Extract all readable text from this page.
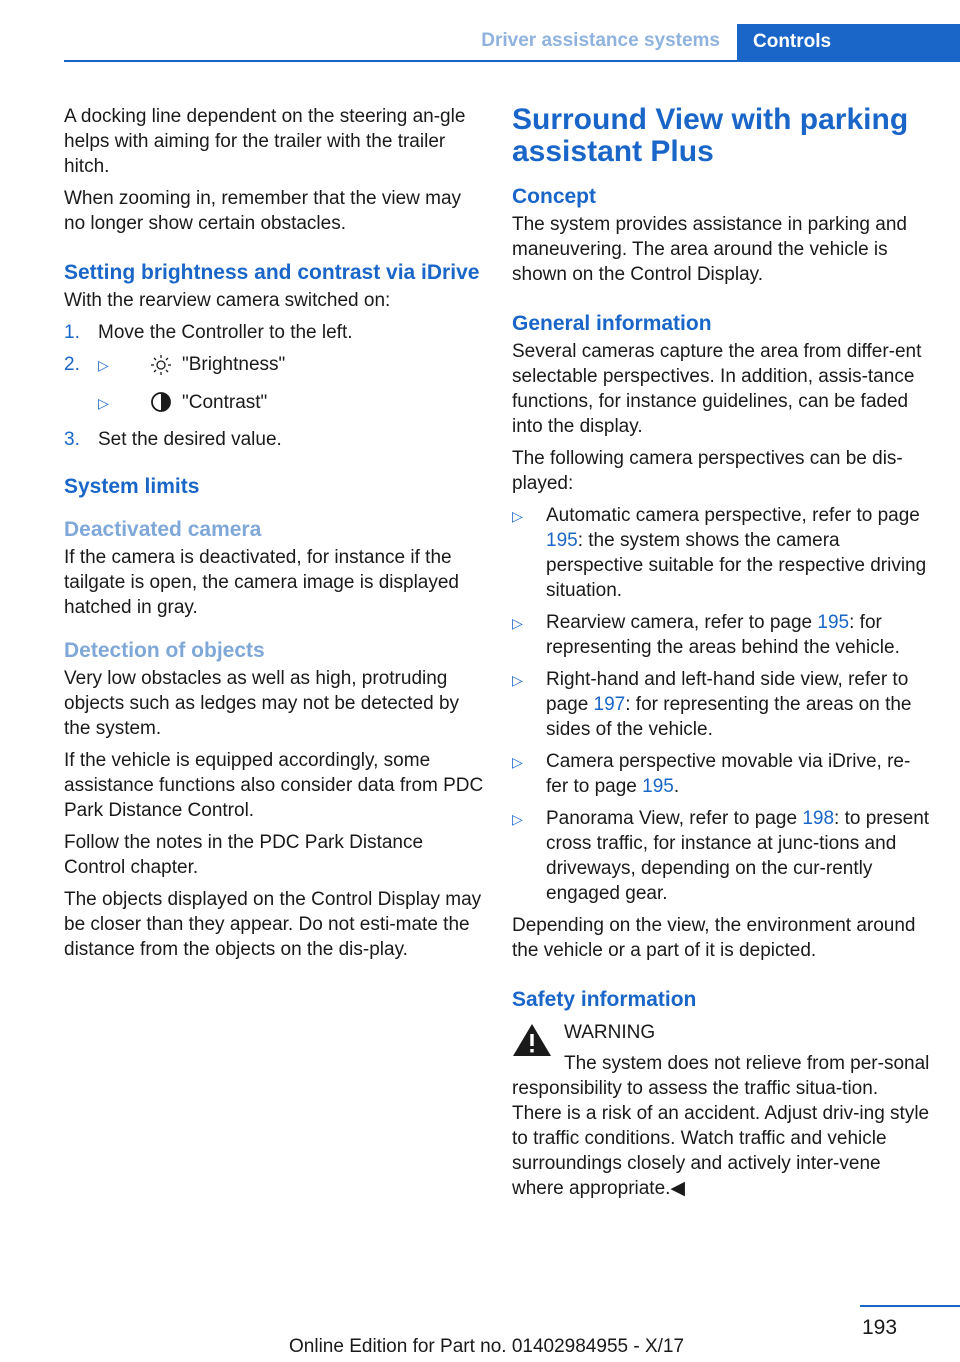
Driver assistance systems	Controls

A docking line dependent on the steering an-gle helps with aiming for the trailer with the trailer hitch.

When zooming in, remember that the view may no longer show certain obstacles.

Setting brightness and contrast via iDrive

With the rearview camera switched on:

1. Move the Controller to the left.
2. ▷	"Brightness"
▷	"Contrast"
3. Set the desired value.
System limits
Deactivated camera

If the camera is deactivated, for instance if the tailgate is open, the camera image is displayed hatched in gray.

Detection of objects

Very low obstacles as well as high, protruding objects such as ledges may not be detected by the system.

If the vehicle is equipped accordingly, some assistance functions also consider data from PDC Park Distance Control.

Follow the notes in the PDC Park Distance Control chapter.

The objects displayed on the Control Display may be closer than they appear. Do not esti-mate the distance from the objects on the dis-play.

Surround View with parking assistant Plus
Concept

The system provides assistance in parking and maneuvering. The area around the vehicle is shown on the Control Display.

General information

Several cameras capture the area from differ-ent selectable perspectives. In addition, assis-tance functions, for instance guidelines, can be faded into the display.

The following camera perspectives can be dis-played:

▷ Automatic camera perspective, refer to page 195: the system shows the camera perspective suitable for the respective driving situation.
▷ Rearview camera, refer to page 195: for representing the areas behind the vehicle.
▷ Right-hand and left-hand side view, refer to page 197: for representing the areas on the sides of the vehicle.
▷ Camera perspective movable via iDrive, re-fer to page 195.
▷ Panorama View, refer to page 198: to present cross traffic, for instance at junc-tions and driveways, depending on the cur-rently engaged gear.

Depending on the view, the environment around the vehicle or a part of it is depicted.

Safety information
WARNING
The system does not relieve from per-sonal responsibility to assess the traffic situa-tion. There is a risk of an accident. Adjust driv-ing style to traffic conditions. Watch traffic and vehicle surroundings closely and actively inter-vene where appropriate.◀
193
Online Edition for Part no. 01402984955 - X/17
